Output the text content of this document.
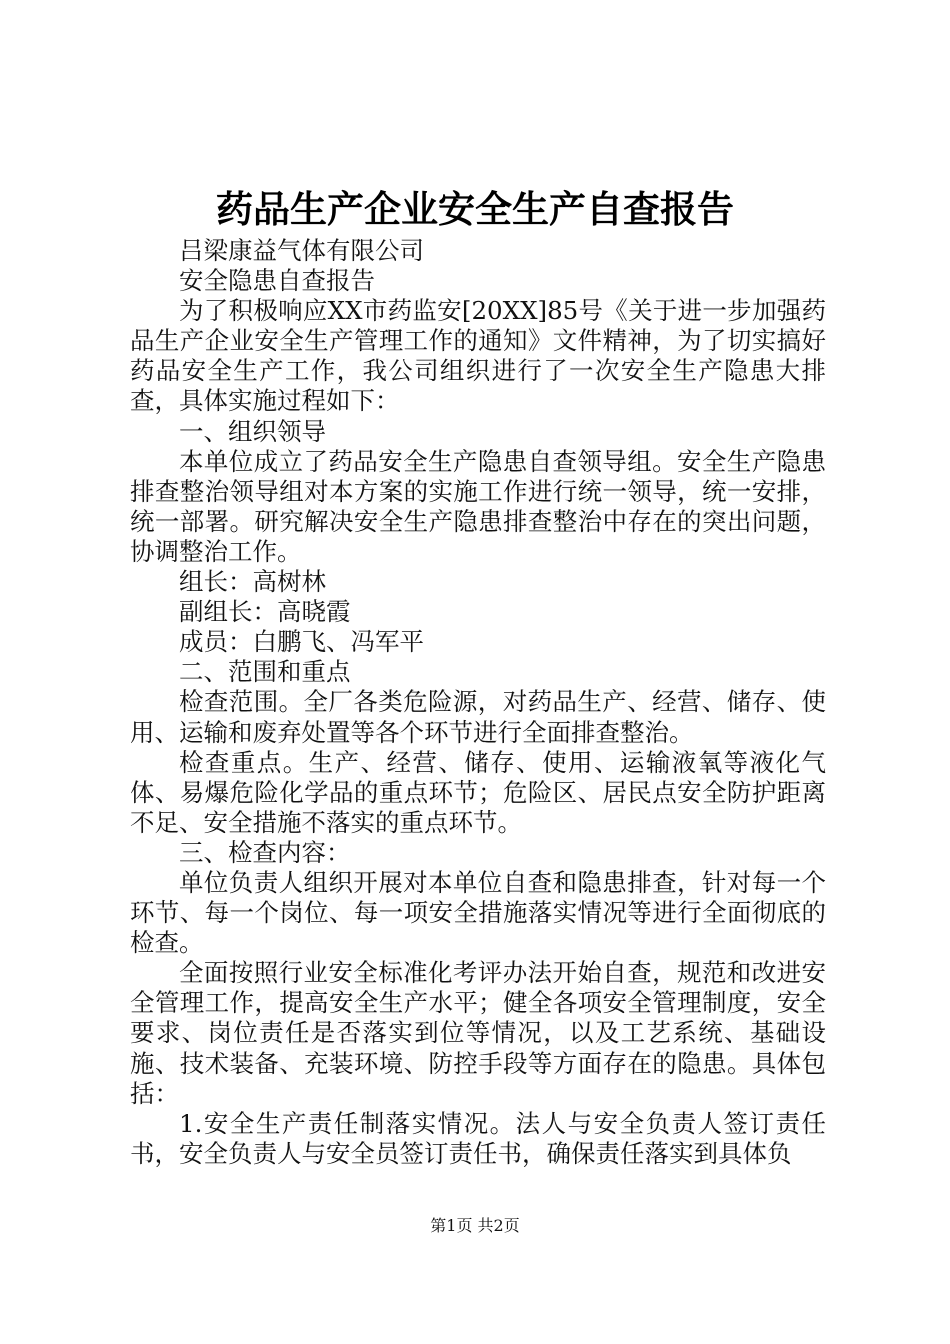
药品生产企业安全生产自查报告

吕梁康益气体有限公司

安全隐患自查报告

为了积极响应XX市药监安[20XX]85号《关于进一步加强药品生产企业安全生产管理工作的通知》文件精神，为了切实搞好药品安全生产工作，我公司组织进行了一次安全生产隐患大排查，具体实施过程如下：

一、组织领导

本单位成立了药品安全生产隐患自查领导组。安全生产隐患排查整治领导组对本方案的实施工作进行统一领导，统一安排，统一部署。研究解决安全生产隐患排查整治中存在的突出问题，协调整治工作。

组长：高树林

副组长：高晓霞

成员：白鹏飞、冯军平

二、范围和重点

检查范围。全厂各类危险源，对药品生产、经营、储存、使用、运输和废弃处置等各个环节进行全面排查整治。

检查重点。生产、经营、储存、使用、运输液氧等液化气体、易爆危险化学品的重点环节；危险区、居民点安全防护距离不足、安全措施不落实的重点环节。

三、检查内容：

单位负责人组织开展对本单位自查和隐患排查，针对每一个环节、每一个岗位、每一项安全措施落实情况等进行全面彻底的检查。

全面按照行业安全标准化考评办法开始自查，规范和改进安全管理工作，提高安全生产水平；健全各项安全管理制度，安全要求、岗位责任是否落实到位等情况，以及工艺系统、基础设施、技术装备、充装环境、防控手段等方面存在的隐患。具体包括：

1.安全生产责任制落实情况。法人与安全负责人签订责任书，安全负责人与安全员签订责任书，确保责任落实到具体负

第1页 共2页
